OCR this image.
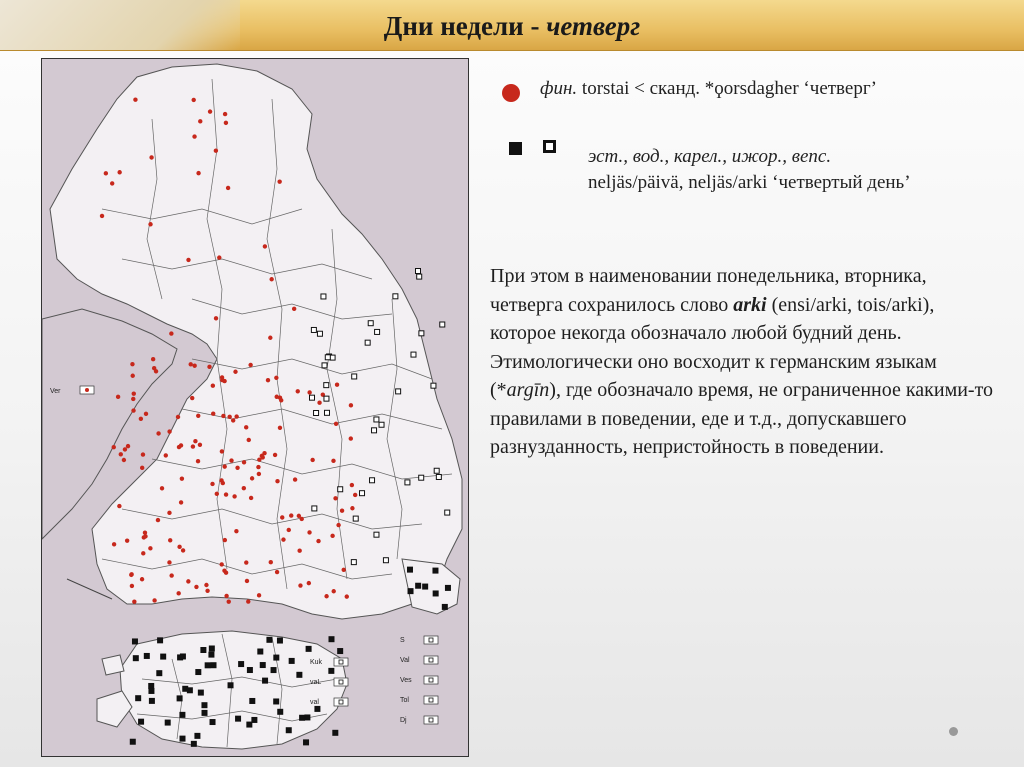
Дни недели - четверг
Ver
Kuk
vaL
val
S
Val
Ves
Tol
Dj
фин. torstai < сканд. *ϙorsdagher ‘четверг’
эст., вод., карел., ижор., вепс.
neljäs/päivä, neljäs/arki ‘четвертый день’
При этом в наименовании понедельника, вторника, четверга сохранилось слово arki (ensi/arki, tois/arki), которое некогда обозначало любой будний день. Этимологически оно восходит к германским языкам (*argīn), где обозначало время, не ограниченное какими-то правилами в поведении, еде и т.д., допускавшего разнузданность, непристойность в поведении.
